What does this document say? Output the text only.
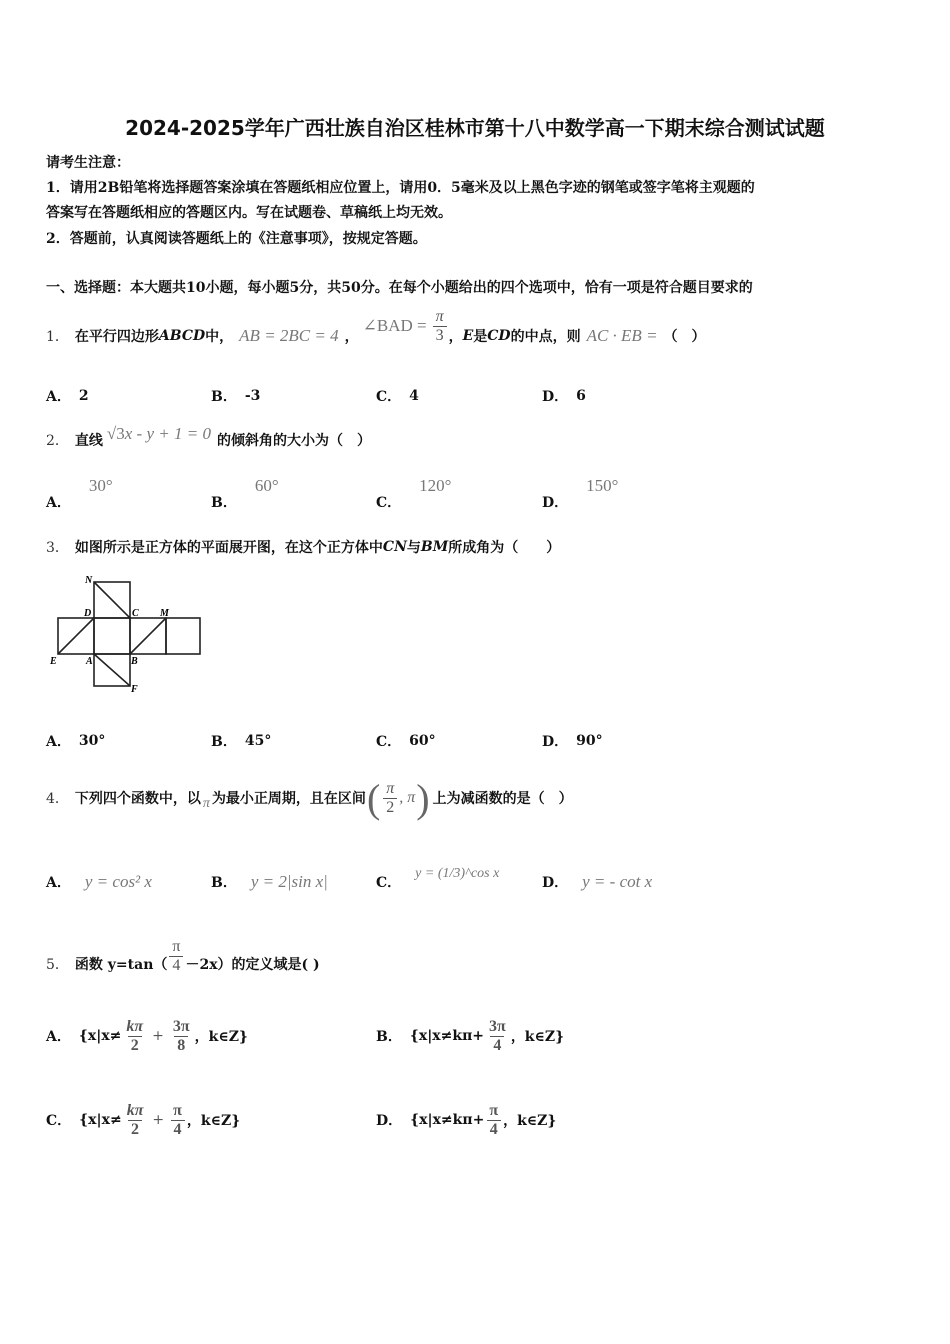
2024-2025学年广西壮族自治区桂林市第十八中数学高一下期末综合测试试题
请考生注意：
1．请用2B铅笔将选择题答案涂填在答题纸相应位置上，请用0．5毫米及以上黑色字迹的钢笔或签字笔将主观题的
答案写在答题纸相应的答题区内。写在试题卷、草稿纸上均无效。
2．答题前，认真阅读答题纸上的《注意事项》，按规定答题。
一、选择题：本大题共10小题，每小题5分，共50分。在每个小题给出的四个选项中，恰有一项是符合题目要求的
1． 在平行四边形 ABCD 中， AB = 2BC = 4 ，
∠BAD = $\frac{\pi}{3}$ ， E 是 CD 的中点，则 AC · EB = （　）
A． 2	B． -3	C． 4	D． 6
2． 直线 √3 x - y + 1 = 0 的倾斜角的大小为（　）
A．
30°
B．
60°
C．
120°
D．
150°
3． 如图所示是正方体的平面展开图，在这个正方体中 CN 与 BM 所成角为（　　）
N
D	C M
E	A	B
F
A． 30°	B． 45°	C． 60°	D． 90°
4． 下列四个函数中，以 π 为最小正周期，且在区间 ( $\frac{\pi}{2}$ , π ) 上为减函数的是（　）
A． y = cos² x	B． y = 2|sin x|	C．
y = (1/3)^cos x
D． y = - cot x
5． 函数 $y=\tan( \frac{\pi}{4} -2x)$的定义域是( )
A． {$x|x\ne \frac{k\pi}{2} + \frac{3\pi}{8}$ ，k∈Z}	B． {$x|x\ne k\pi+ \frac{3\pi}{4}$ ，k∈Z}
C． {$x|x\ne \frac{k\pi}{2} + \frac{\pi}{4}$ ，k∈Z}	D． {$x|x\ne k\pi+ \frac{\pi}{4}$ ，k∈Z}
